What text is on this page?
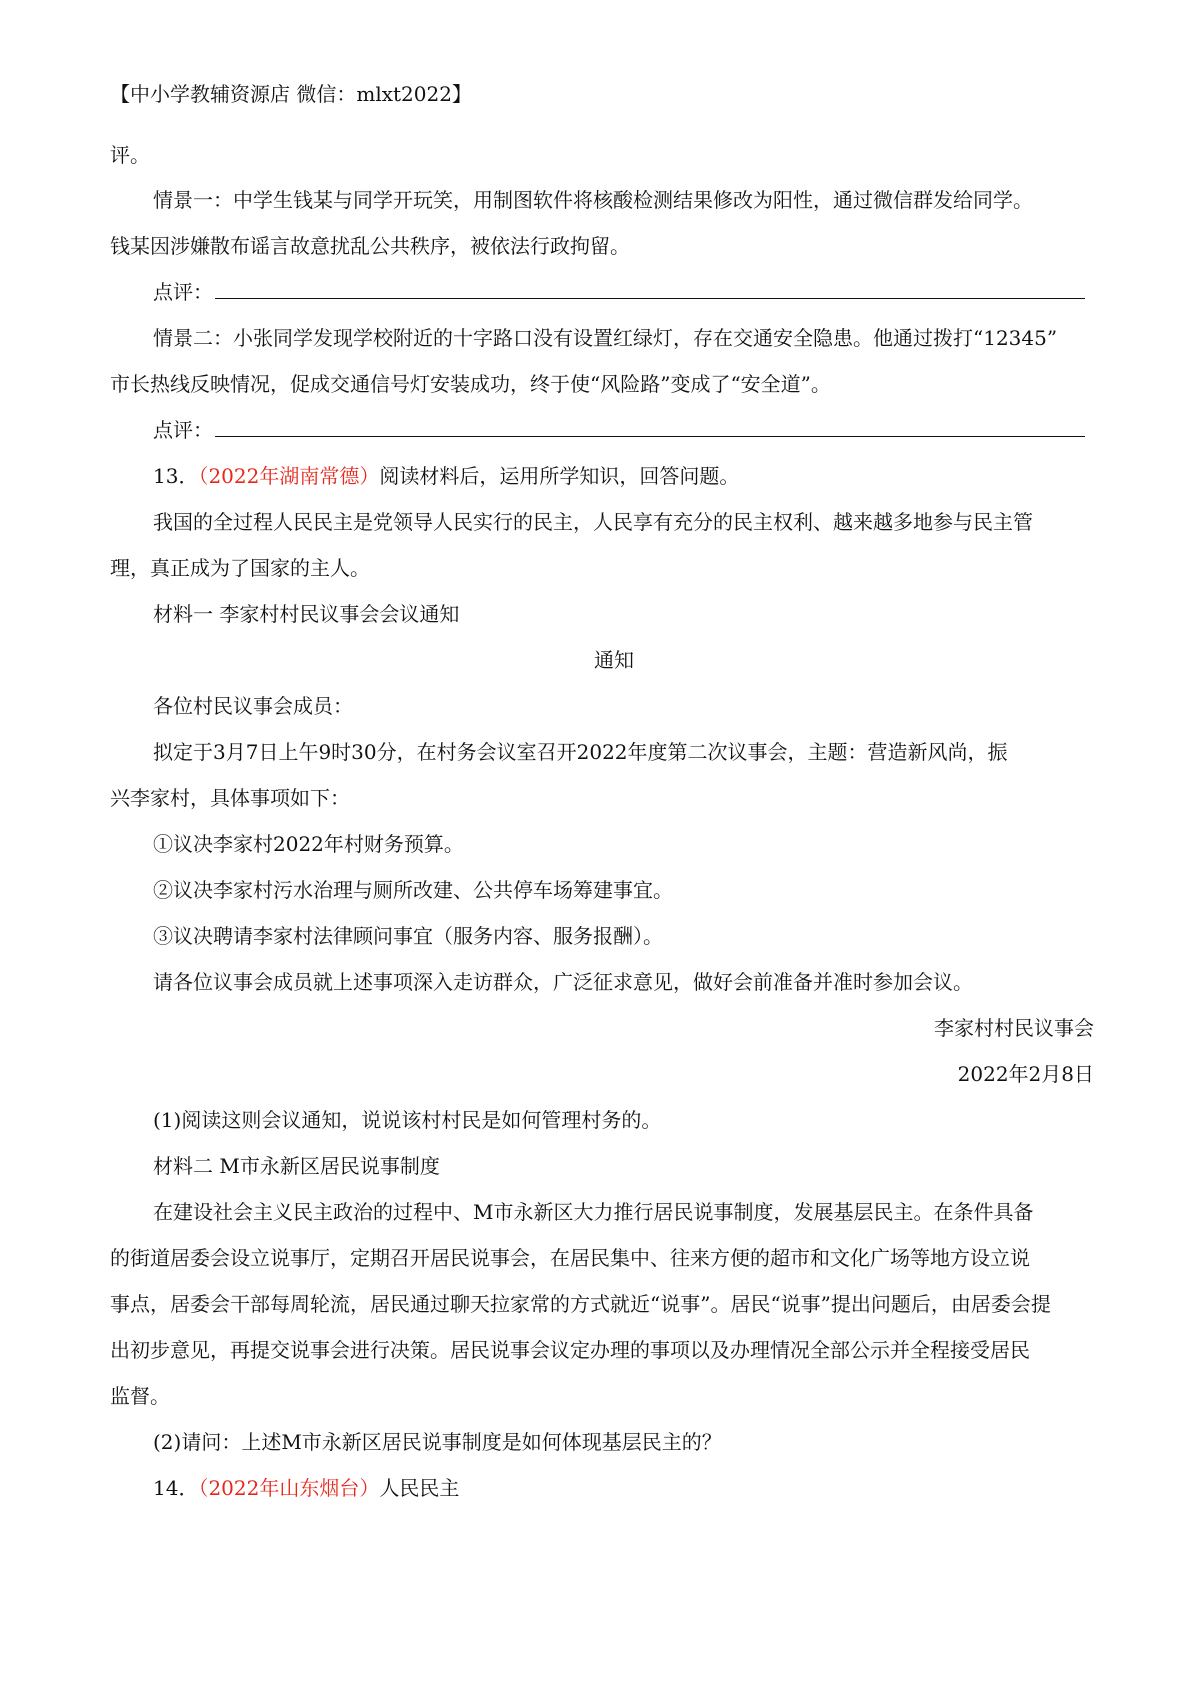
【中小学教辅资源店 微信：mlxt2022】
评。
情景一：中学生钱某与同学开玩笑，用制图软件将核酸检测结果修改为阳性，通过微信群发给同学。
钱某因涉嫌散布谣言故意扰乱公共秩序，被依法行政拘留。
点评：
情景二：小张同学发现学校附近的十字路口没有设置红绿灯，存在交通安全隐患。他通过拨打“12345”
市长热线反映情况，促成交通信号灯安装成功，终于使“风险路”变成了“安全道”。
点评：
13．（2022年湖南常德）阅读材料后，运用所学知识，回答问题。
我国的全过程人民民主是党领导人民实行的民主，人民享有充分的民主权利、越来越多地参与民主管
理，真正成为了国家的主人。
材料一 李家村村民议事会会议通知
通知
各位村民议事会成员：
拟定于3月7日上午9时30分，在村务会议室召开2022年度第二次议事会，主题：营造新风尚，振
兴李家村，具体事项如下：
①议决李家村2022年村财务预算。
②议决李家村污水治理与厕所改建、公共停车场筹建事宜。
③议决聘请李家村法律顾问事宜（服务内容、服务报酬）。
请各位议事会成员就上述事项深入走访群众，广泛征求意见，做好会前准备并准时参加会议。
李家村村民议事会
2022年2月8日
(1)阅读这则会议通知，说说该村村民是如何管理村务的。
材料二 M市永新区居民说事制度
在建设社会主义民主政治的过程中、M市永新区大力推行居民说事制度，发展基层民主。在条件具备
的街道居委会设立说事厅，定期召开居民说事会，在居民集中、往来方便的超市和文化广场等地方设立说
事点，居委会干部每周轮流，居民通过聊天拉家常的方式就近“说事”。居民“说事”提出问题后，由居委会提
出初步意见，再提交说事会进行决策。居民说事会议定办理的事项以及办理情况全部公示并全程接受居民
监督。
(2)请问：上述M市永新区居民说事制度是如何体现基层民主的？
14．（2022年山东烟台）人民民主
